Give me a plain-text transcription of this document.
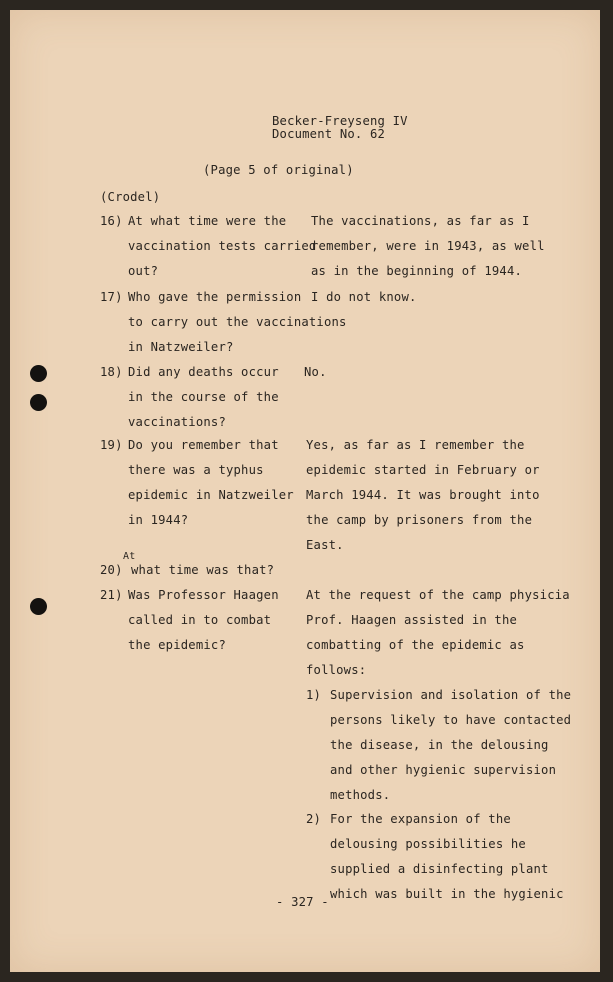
Becker-Freyseng IV
Document No. 62
(Page 5 of original)
(Crodel)
16) At what time were the
vaccination tests carried
out?
The vaccinations, as far as I
remember, were in 1943, as well
as in the beginning of 1944.
17) Who gave the permission
to carry out the vaccinations
in Natzweiler?
I do not know.
18) Did any deaths occur
in the course of the
vaccinations?
No.
19) Do you remember that
there was a typhus
epidemic in Natzweiler
in 1944?
Yes, as far as I remember the
epidemic started in February or
March 1944. It was brought into
the camp by prisoners from the
East.
At
20) what time was that?
21) Was Professor Haagen
called in to combat
the epidemic?
At the request of the camp physicia
Prof. Haagen assisted in the
combatting of the epidemic as
follows:
1) Supervision and isolation of the
persons likely to have contacted
the disease, in the delousing
and other hygienic supervision
methods.
2) For the expansion of the
delousing possibilities he
supplied a disinfecting plant
which was built in the hygienic
- 327 -
